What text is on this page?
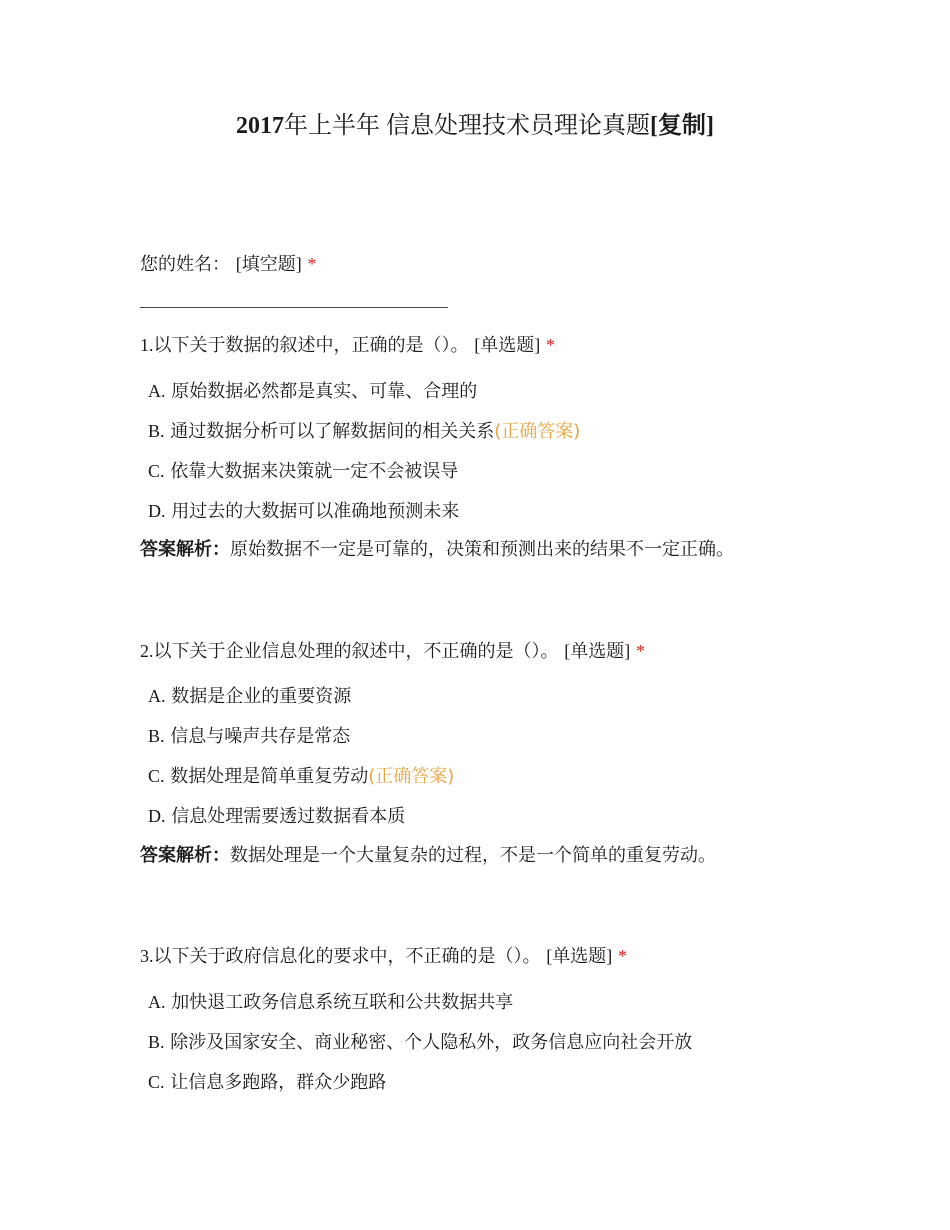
2017年上半年 信息处理技术员理论真题[复制]
您的姓名： [填空题] *
1.以下关于数据的叙述中，正确的是（）。 [单选题] *
A. 原始数据必然都是真实、可靠、合理的
B. 通过数据分析可以了解数据间的相关关系(正确答案)
C. 依靠大数据来决策就一定不会被误导
D. 用过去的大数据可以准确地预测未来
答案解析：原始数据不一定是可靠的，决策和预测出来的结果不一定正确。
2.以下关于企业信息处理的叙述中，不正确的是（）。 [单选题] *
A. 数据是企业的重要资源
B. 信息与噪声共存是常态
C. 数据处理是简单重复劳动(正确答案)
D. 信息处理需要透过数据看本质
答案解析：数据处理是一个大量复杂的过程，不是一个简单的重复劳动。
3.以下关于政府信息化的要求中，不正确的是（）。 [单选题] *
A. 加快退工政务信息系统互联和公共数据共享
B. 除涉及国家安全、商业秘密、个人隐私外，政务信息应向社会开放
C. 让信息多跑路，群众少跑路
